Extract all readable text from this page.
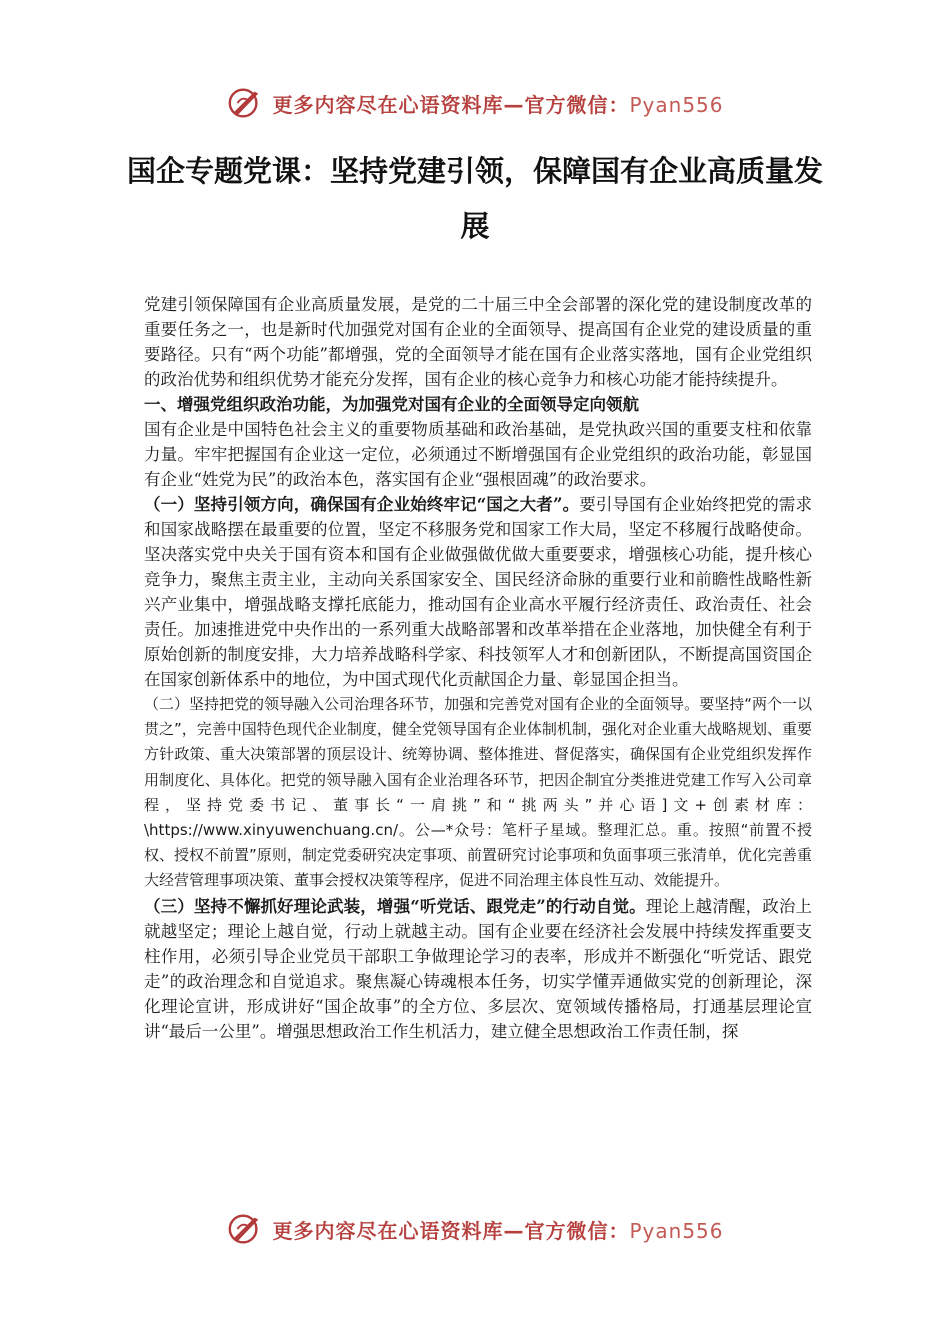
更多内容尽在心语资料库—官方微信：Pyan556
国企专题党课：坚持党建引领，保障国有企业高质量发展

党建引领保障国有企业高质量发展，是党的二十届三中全会部署的深化党的建设制度改革的重要任务之一，也是新时代加强党对国有企业的全面领导、提高国有企业党的建设质量的重要路径。只有“两个功能”都增强，党的全面领导才能在国有企业落实落地，国有企业党组织的政治优势和组织优势才能充分发挥，国有企业的核心竞争力和核心功能才能持续提升。

一、增强党组织政治功能，为加强党对国有企业的全面领导定向领航

国有企业是中国特色社会主义的重要物质基础和政治基础，是党执政兴国的重要支柱和依靠力量。牢牢把握国有企业这一定位，必须通过不断增强国有企业党组织的政治功能，彰显国有企业“姓党为民”的政治本色，落实国有企业“强根固魂”的政治要求。

（一）坚持引领方向，确保国有企业始终牢记“国之大者”。要引导国有企业始终把党的需求和国家战略摆在最重要的位置，坚定不移服务党和国家工作大局，坚定不移履行战略使命。坚决落实党中央关于国有资本和国有企业做强做优做大重要要求，增强核心功能，提升核心竞争力，聚焦主责主业，主动向关系国家安全、国民经济命脉的重要行业和前瞻性战略性新兴产业集中，增强战略支撑托底能力，推动国有企业高水平履行经济责任、政治责任、社会责任。加速推进党中央作出的一系列重大战略部署和改革举措在企业落地，加快健全有利于原始创新的制度安排，大力培养战略科学家、科技领军人才和创新团队，不断提高国资国企在国家创新体系中的地位，为中国式现代化贡献国企力量、彰显国企担当。

（二）坚持把党的领导融入公司治理各环节，加强和完善党对国有企业的全面领导。要坚持“两个一以贯之”，完善中国特色现代企业制度，健全党领导国有企业体制机制，强化对企业重大战略规划、重要方针政策、重大决策部署的顶层设计、统筹协调、整体推进、督促落实，确保国有企业党组织发挥作用制度化、具体化。把党的领导融入国有企业治理各环节，把因企制宜分类推进党建工作写入公司章程，坚持党委书记、董事长“一肩挑”和“挑两头”并心语]文+创素材库：\https://www.xinyuwenchuang.cn/。公—*众号：笔杆子星域。整理汇总。重。按照“前置不授权、授权不前置”原则，制定党委研究决定事项、前置研究讨论事项和负面事项三张清单，优化完善重大经营管理事项决策、董事会授权决策等程序，促进不同治理主体良性互动、效能提升。

（三）坚持不懈抓好理论武装，增强“听党话、跟党走”的行动自觉。理论上越清醒，政治上就越坚定；理论上越自觉，行动上就越主动。国有企业要在经济社会发展中持续发挥重要支柱作用，必须引导企业党员干部职工争做理论学习的表率，形成并不断强化“听党话、跟党走”的政治理念和自觉追求。聚焦凝心铸魂根本任务，切实学懂弄通做实党的创新理论，深化理论宣讲，形成讲好“国企故事”的全方位、多层次、宽领域传播格局，打通基层理论宣讲“最后一公里”。增强思想政治工作生机活力，建立健全思想政治工作责任制，探

更多内容尽在心语资料库—官方微信：Pyan556
